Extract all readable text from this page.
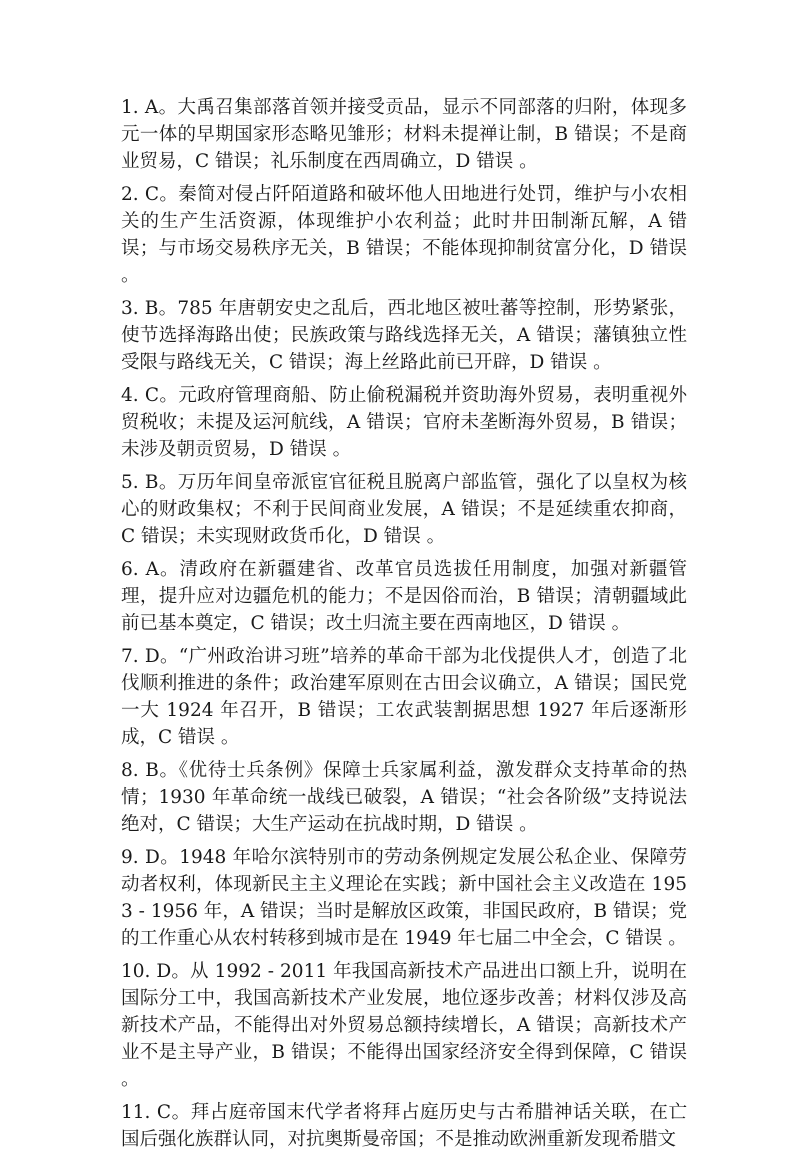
1. A。大禹召集部落首领并接受贡品，显示不同部落的归附，体现多元一体的早期国家形态略见雏形；材料未提禅让制，B 错误；不是商业贸易，C 错误；礼乐制度在西周确立，D 错误 。

2. C。秦简对侵占阡陌道路和破坏他人田地进行处罚，维护与小农相关的生产生活资源，体现维护小农利益；此时井田制渐瓦解，A 错误；与市场交易秩序无关，B 错误；不能体现抑制贫富分化，D 错误 。

3. B。785 年唐朝安史之乱后，西北地区被吐蕃等控制，形势紧张，使节选择海路出使；民族政策与路线选择无关，A 错误；藩镇独立性受限与路线无关，C 错误；海上丝路此前已开辟，D 错误 。

4. C。元政府管理商船、防止偷税漏税并资助海外贸易，表明重视外贸税收；未提及运河航线，A 错误；官府未垄断海外贸易，B 错误；未涉及朝贡贸易，D 错误 。

5. B。万历年间皇帝派宦官征税且脱离户部监管，强化了以皇权为核心的财政集权；不利于民间商业发展，A 错误；不是延续重农抑商，C 错误；未实现财政货币化，D 错误 。

6. A。清政府在新疆建省、改革官员选拔任用制度，加强对新疆管理，提升应对边疆危机的能力；不是因俗而治，B 错误；清朝疆域此前已基本奠定，C 错误；改土归流主要在西南地区，D 错误 。

7. D。“广州政治讲习班”培养的革命干部为北伐提供人才，创造了北伐顺利推进的条件；政治建军原则在古田会议确立，A 错误；国民党一大 1924 年召开，B 错误；工农武装割据思想 1927 年后逐渐形成，C 错误 。

8. B。《优待士兵条例》保障士兵家属利益，激发群众支持革命的热情；1930 年革命统一战线已破裂，A 错误；“社会各阶级”支持说法绝对，C 错误；大生产运动在抗战时期，D 错误 。

9. D。1948 年哈尔滨特别市的劳动条例规定发展公私企业、保障劳动者权利，体现新民主主义理论在实践；新中国社会主义改造在 1953 - 1956 年，A 错误；当时是解放区政策，非国民政府，B 错误；党的工作重心从农村转移到城市是在 1949 年七届二中全会，C 错误 。

10. D。从 1992 - 2011 年我国高新技术产品进出口额上升，说明在国际分工中，我国高新技术产业发展，地位逐步改善；材料仅涉及高新技术产品，不能得出对外贸易总额持续增长，A 错误；高新技术产业不是主导产业，B 错误；不能得出国家经济安全得到保障，C 错误 。

11. C。拜占庭帝国末代学者将拜占庭历史与古希腊神话关联，在亡国后强化族群认同，对抗奥斯曼帝国；不是推动欧洲重新发现希腊文
